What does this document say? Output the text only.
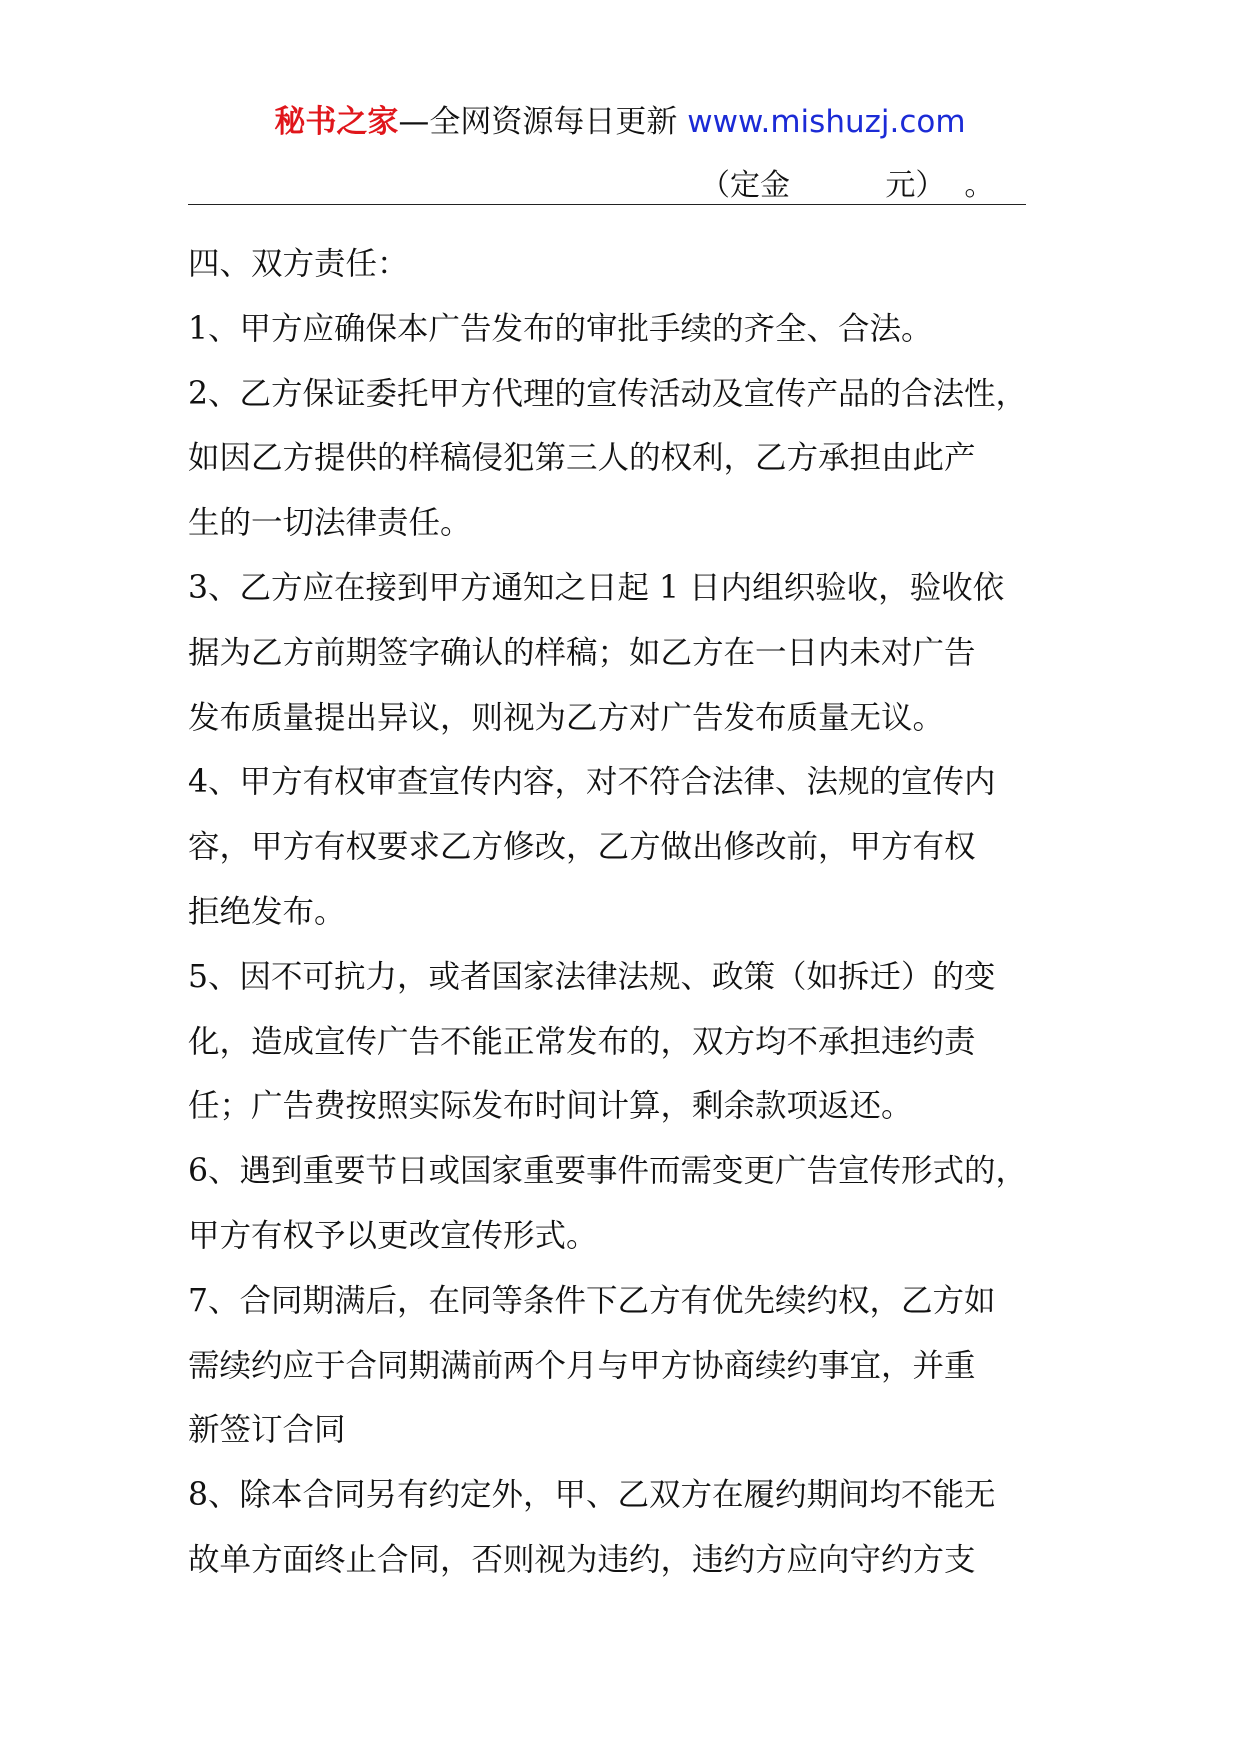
秘书之家—全网资源每日更新 www.mishuzj.com
（定金          元）  。

四、双方责任：

1、甲方应确保本广告发布的审批手续的齐全、合法。

2、乙方保证委托甲方代理的宣传活动及宣传产品的合法性，

如因乙方提供的样稿侵犯第三人的权利，乙方承担由此产

生的一切法律责任。

3、乙方应在接到甲方通知之日起 1 日内组织验收，验收依

据为乙方前期签字确认的样稿；如乙方在一日内未对广告

发布质量提出异议，则视为乙方对广告发布质量无议。

4、甲方有权审查宣传内容，对不符合法律、法规的宣传内

容，甲方有权要求乙方修改，乙方做出修改前，甲方有权

拒绝发布。

5、因不可抗力，或者国家法律法规、政策（如拆迁）的变

化，造成宣传广告不能正常发布的，双方均不承担违约责

任；广告费按照实际发布时间计算，剩余款项返还。

6、遇到重要节日或国家重要事件而需变更广告宣传形式的，

甲方有权予以更改宣传形式。

7、合同期满后，在同等条件下乙方有优先续约权，乙方如

需续约应于合同期满前两个月与甲方协商续约事宜，并重

新签订合同

8、除本合同另有约定外，甲、乙双方在履约期间均不能无

故单方面终止合同，否则视为违约，违约方应向守约方支
